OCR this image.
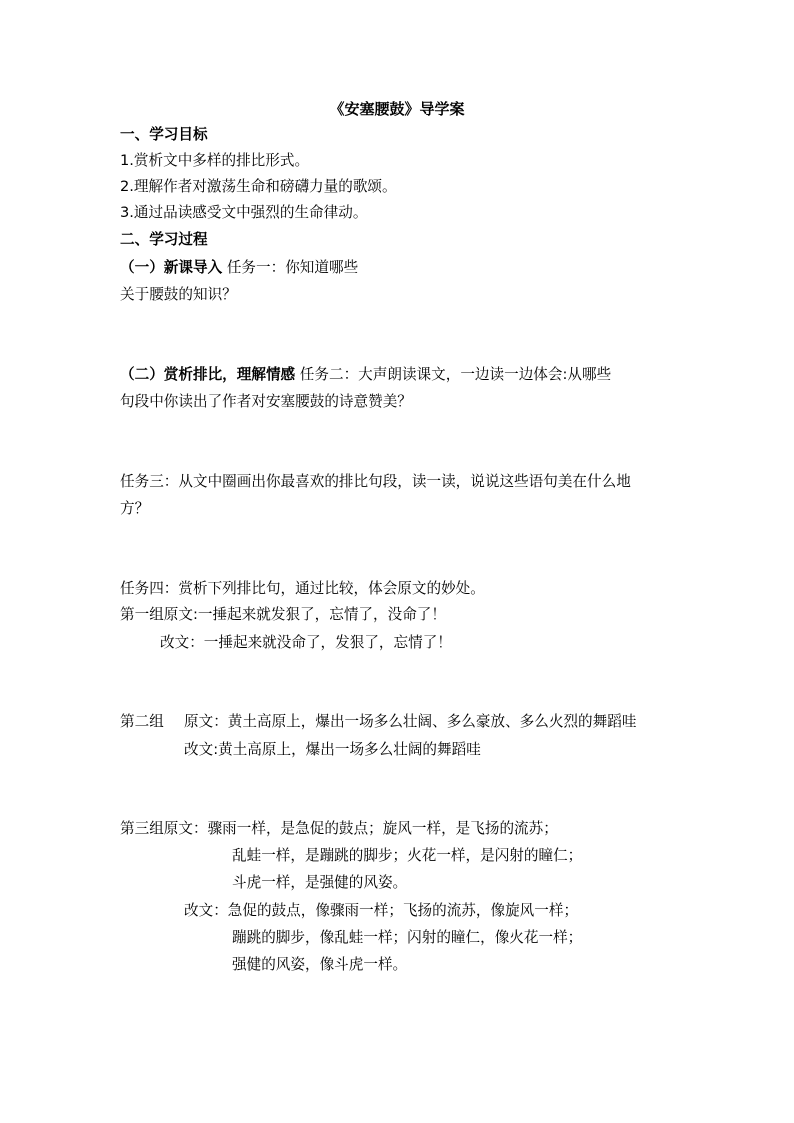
《安塞腰鼓》导学案
一、学习目标
1.赏析文中多样的排比形式。
2.理解作者对激荡生命和磅礴力量的歌颂。
3.通过品读感受文中强烈的生命律动。
二、学习过程
（一）新课导入 任务一：你知道哪些
关于腰鼓的知识？
（二）赏析排比，理解情感 任务二：大声朗读课文，一边读一边体会:从哪些
句段中你读出了作者对安塞腰鼓的诗意赞美？
任务三：从文中圈画出你最喜欢的排比句段，读一读，说说这些语句美在什么地
方？
任务四：赏析下列排比句，通过比较，体会原文的妙处。
第一组原文:一捶起来就发狠了，忘情了，没命了！
改文：一捶起来就没命了，发狠了，忘情了！
第二组 原文：黄土高原上，爆出一场多么壮阔、多么豪放、多么火烈的舞蹈哇
改文:黄土高原上，爆出一场多么壮阔的舞蹈哇
第三组原文：骤雨一样，是急促的鼓点；旋风一样，是飞扬的流苏；
乱蛙一样，是蹦跳的脚步；火花一样，是闪射的瞳仁；
斗虎一样，是强健的风姿。
改文：急促的鼓点，像骤雨一样；飞扬的流苏，像旋风一样；
蹦跳的脚步，像乱蛙一样；闪射的瞳仁，像火花一样；
强健的风姿，像斗虎一样。
